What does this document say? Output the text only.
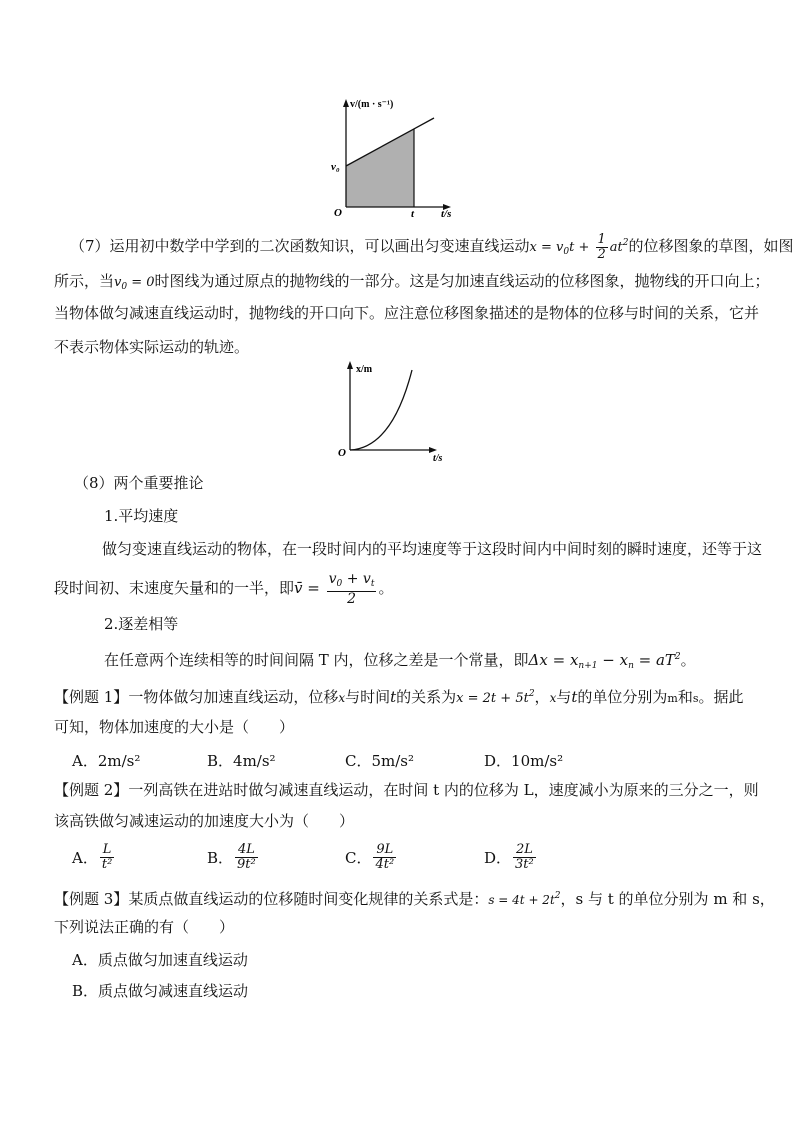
v/(m · s⁻¹)
v₀
O	t t/s
（7）运用初中数学中学到的二次函数知识，可以画出匀变速直线运动$x = v_0t + \frac{1}{2} at^2$的位移图象的草图，如图
所示，当$v_0 = 0$时图线为通过原点的抛物线的一部分。这是匀加速直线运动的位移图象，抛物线的开口向上；
当物体做匀减速直线运动时，抛物线的开口向下。应注意位移图象描述的是物体的位移与时间的关系，它并
不表示物体实际运动的轨迹。
x/m
O	t/s
（8）两个重要推论
1.平均速度
做匀变速直线运动的物体，在一段时间内的平均速度等于这段时间内中间时刻的瞬时速度，还等于这
段时间初、末速度矢量和的一半，即v̄ = $\frac{v_0 + v_t}{2}$ 。
2.逐差相等
在任意两个连续相等的时间间隔 T 内，位移之差是一个常量，即$\Delta x = x_{n+1} - x_n = aT^2$。
【例题 1】一物体做匀加速直线运动，位移x与时间t的关系为$x = 2t + 5t^2$，x与t的单位分别为m和s。据此
可知，物体加速度的大小是（　　）
A．2m/s²	B．4m/s²	C．5m/s²	D．10m/s²
【例题 2】一列高铁在进站时做匀减速直线运动，在时间 t 内的位移为 L，速度减小为原来的三分之一，则
该高铁做匀减速运动的加速度大小为（　　）
A． $\frac{L}{\text{t²}}$	B． $\frac{4L}{\text{9t²}}$	C． $\frac{9L}{\text{4t²}}$	D． $\frac{2L}{\text{3t²}}$
【例题 3】某质点做直线运动的位移随时间变化规律的关系式是：$s = 4t + 2t^2$，s 与 t 的单位分别为 m 和 s，
下列说法正确的有（　　）
A．质点做匀加速直线运动
B．质点做匀减速直线运动
